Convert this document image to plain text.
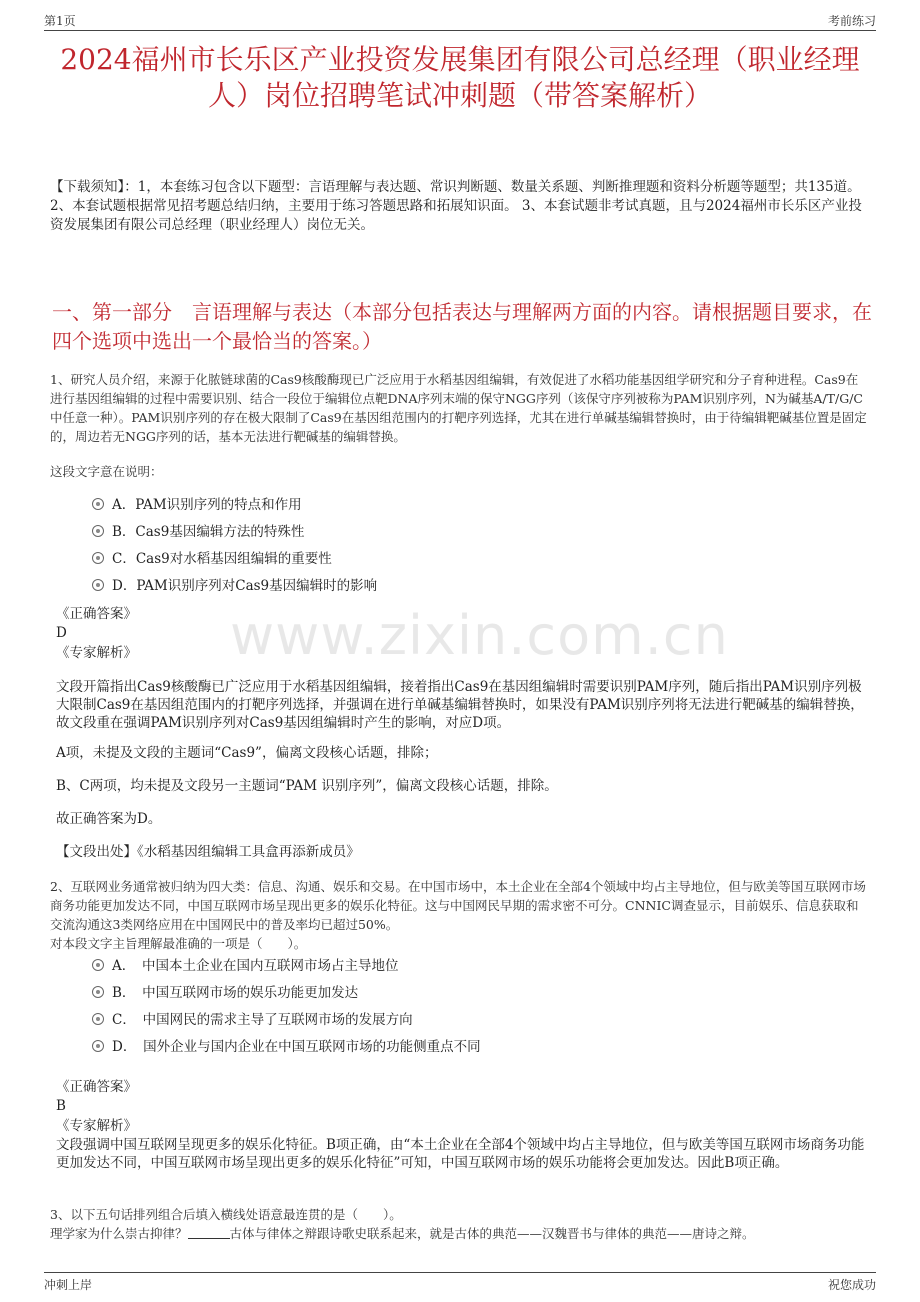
第1页	考前练习
2024福州市长乐区产业投资发展集团有限公司总经理（职业经理人）岗位招聘笔试冲刺题（带答案解析）
【下载须知】：1，本套练习包含以下题型：言语理解与表达题、常识判断题、数量关系题、判断推理题和资料分析题等题型；共135道。 2、本套试题根据常见招考题总结归纳，主要用于练习答题思路和拓展知识面。 3、本套试题非考试真题，且与2024福州市长乐区产业投资发展集团有限公司总经理（职业经理人）岗位无关。
一、第一部分　言语理解与表达（本部分包括表达与理解两方面的内容。请根据题目要求，在四个选项中选出一个最恰当的答案。）
1、研究人员介绍，来源于化脓链球菌的Cas9核酸酶现已广泛应用于水稻基因组编辑，有效促进了水稻功能基因组学研究和分子育种进程。Cas9在进行基因组编辑的过程中需要识别、结合一段位于编辑位点靶DNA序列末端的保守NGG序列（该保守序列被称为PAM识别序列，N为碱基A/T/G/C中任意一种）。PAM识别序列的存在极大限制了Cas9在基因组范围内的打靶序列选择，尤其在进行单碱基编辑替换时，由于待编辑靶碱基位置是固定的，周边若无NGG序列的话，基本无法进行靶碱基的编辑替换。
这段文字意在说明：
A．PAM识别序列的特点和作用
B．Cas9基因编辑方法的特殊性
C．Cas9对水稻基因组编辑的重要性
D．PAM识别序列对Cas9基因编辑时的影响
《正确答案》
D
《专家解析》 www.zixin.com.cn
文段开篇指出Cas9核酸酶已广泛应用于水稻基因组编辑，接着指出Cas9在基因组编辑时需要识别PAM序列，随后指出PAM识别序列极大限制Cas9在基因组范围内的打靶序列选择，并强调在进行单碱基编辑替换时，如果没有PAM识别序列将无法进行靶碱基的编辑替换，故文段重在强调PAM识别序列对Cas9基因组编辑时产生的影响，对应D项。
A项，未提及文段的主题词“Cas9”，偏离文段核心话题，排除；
B、C两项，均未提及文段另一主题词“PAM 识别序列”，偏离文段核心话题，排除。
故正确答案为D。
【文段出处】《水稻基因组编辑工具盒再添新成员》
2、互联网业务通常被归纳为四大类：信息、沟通、娱乐和交易。在中国市场中，本土企业在全部4个领域中均占主导地位，但与欧美等国互联网市场商务功能更加发达不同，中国互联网市场呈现出更多的娱乐化特征。这与中国网民早期的需求密不可分。CNNIC调查显示，目前娱乐、信息获取和交流沟通这3类网络应用在中国网民中的普及率均已超过50%。
对本段文字主旨理解最准确的一项是（　　）。
A．　中国本土企业在国内互联网市场占主导地位
B．　中国互联网市场的娱乐功能更加发达
C．　中国网民的需求主导了互联网市场的发展方向
D．　国外企业与国内企业在中国互联网市场的功能侧重点不同
《正确答案》
B
《专家解析》
文段强调中国互联网呈现更多的娱乐化特征。B项正确，由“本土企业在全部4个领域中均占主导地位，但与欧美等国互联网市场商务功能更加发达不同，中国互联网市场呈现出更多的娱乐化特征”可知，中国互联网市场的娱乐功能将会更加发达。因此B项正确。
3、以下五句话排列组合后填入横线处语意最连贯的是（　　）。
理学家为什么崇古抑律？	古体与律体之辩跟诗歌史联系起来，就是古体的典范——汉魏晋书与律体的典范——唐诗之辩。
冲刺上岸	祝您成功
